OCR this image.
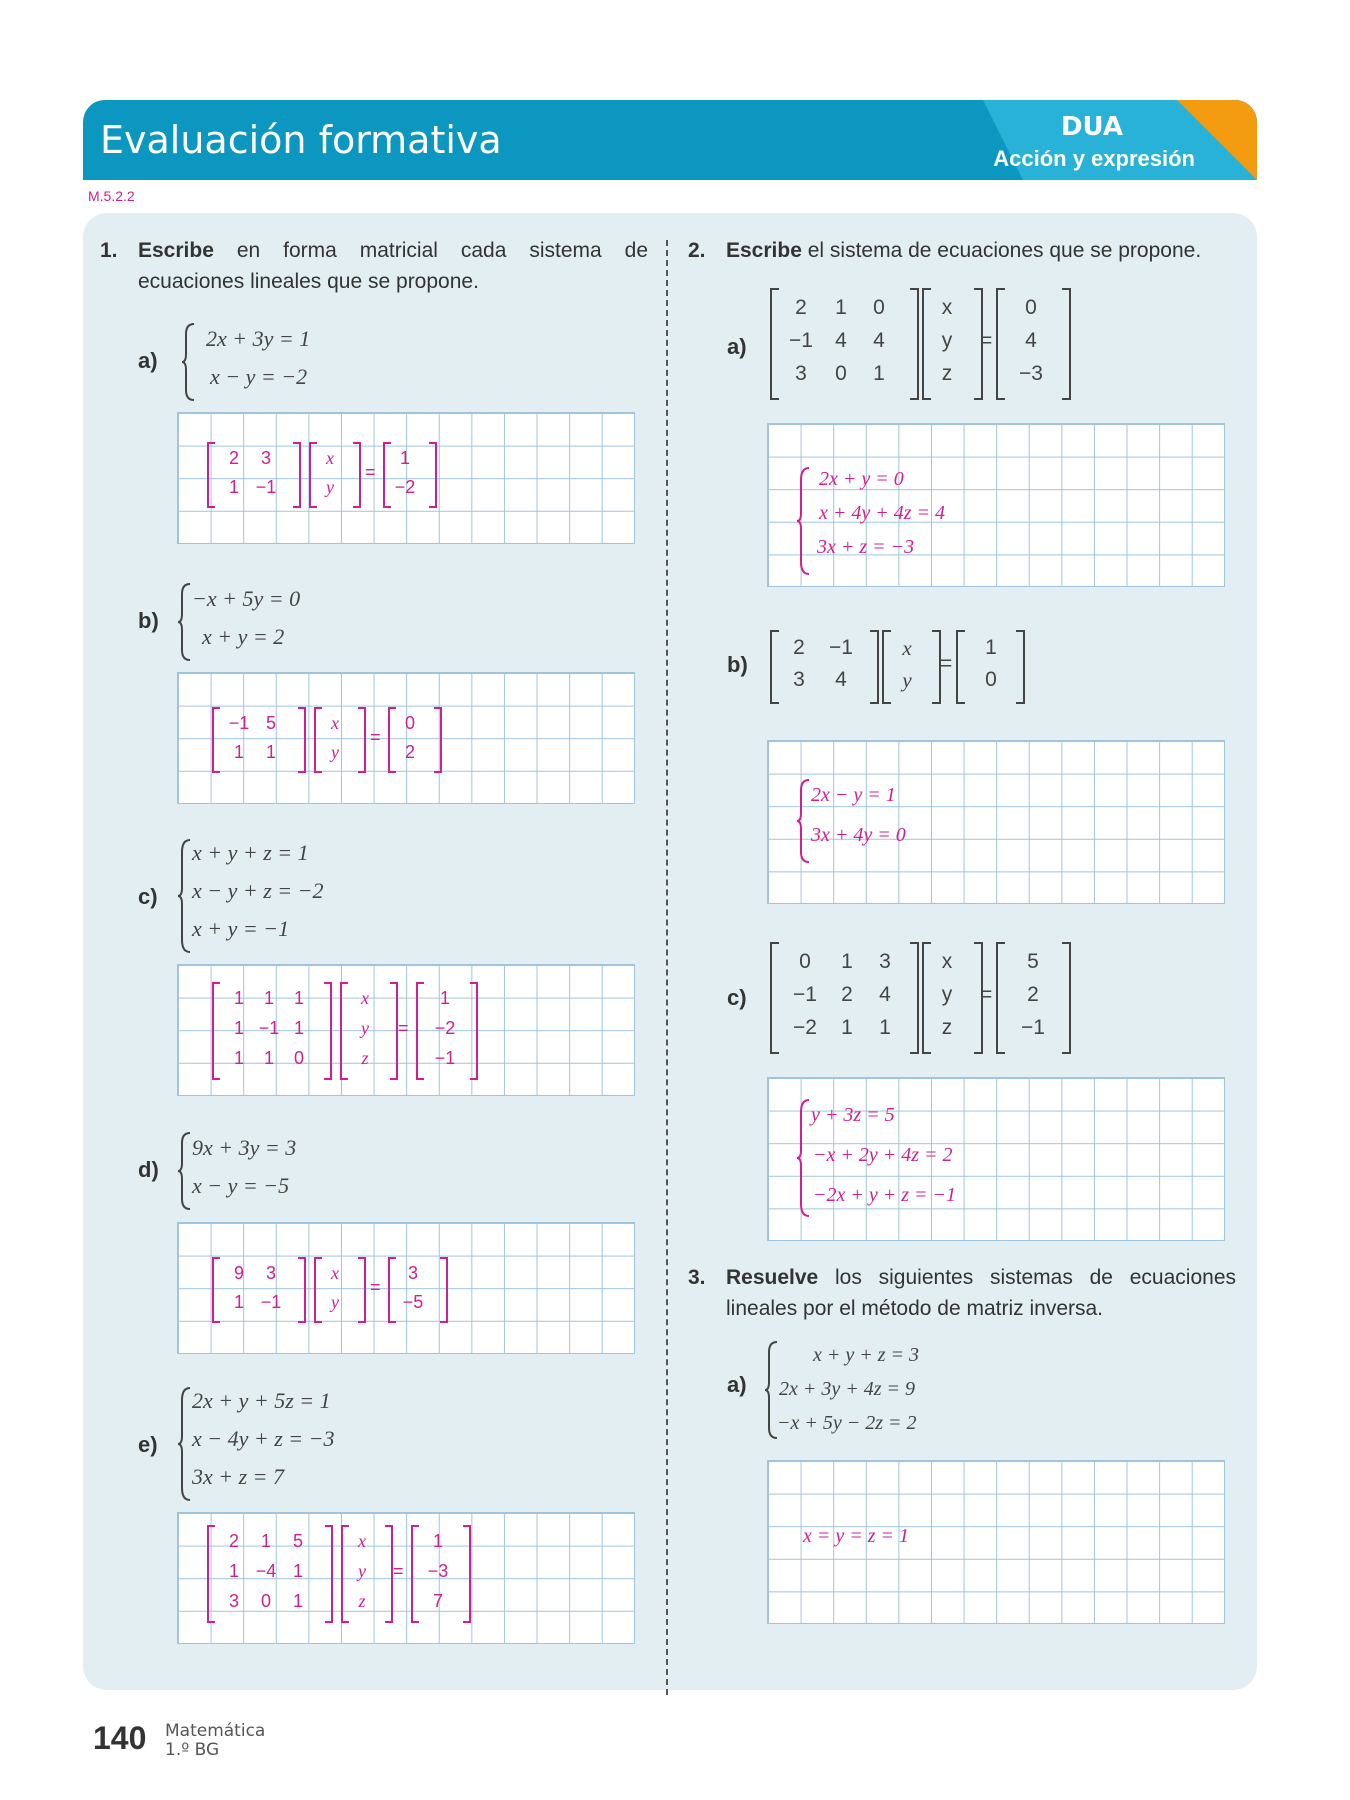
Evaluación formativa	DUA
Acción y expresión
M.5.2.2
1. Escribe en forma matricial cada sistema de ecuaciones lineales que se propone.
2. Escribe el sistema de ecuaciones que se propone.
3. Resuelve los siguientes sistemas de ecuaciones lineales por el método de matriz inversa.
a)
2x + 3y = 1
x − y = −2
2	3
1 −1
x
y
=
1
−2
b)
−x + 5y = 0
x + y = 2
−1 5
1	1
x
y
=
0
2
c)
x + y + z = 1
x − y + z = −2
x + y = −1
1	1	1
1 −1 1
1	1	0
x
y
z
=
1
−2
−1
d)
9x + 3y = 3
x − y = −5
9	3
1 −1
x
y
=
3
−5
e)
2x + y + 5z = 1
x − 4y + z = −3
3x + z = 7
2	1	5
1 −4 1
3	0	1
x
y
z
=
1
−3
7
a)
2	1	0
−1	4	4
3	0	1
x
y
z
=
0
4
−3
2x + y = 0
x + 4y + 4z = 4
3x + z = −3
b)
2	−1
3	4
x
y
=
1
0
2x − y = 1
3x + 4y = 0
c)
0	1	3
−1	2	4
−2	1	1
x
y
z
=
5
2
−1
y + 3z = 5
−x + 2y + 4z = 2
−2x + y + z = −1
a)
x + y + z = 3
2x + 3y + 4z = 9
−x + 5y − 2z = 2
x = y = z = 1
140 Matemática
1.º BG
